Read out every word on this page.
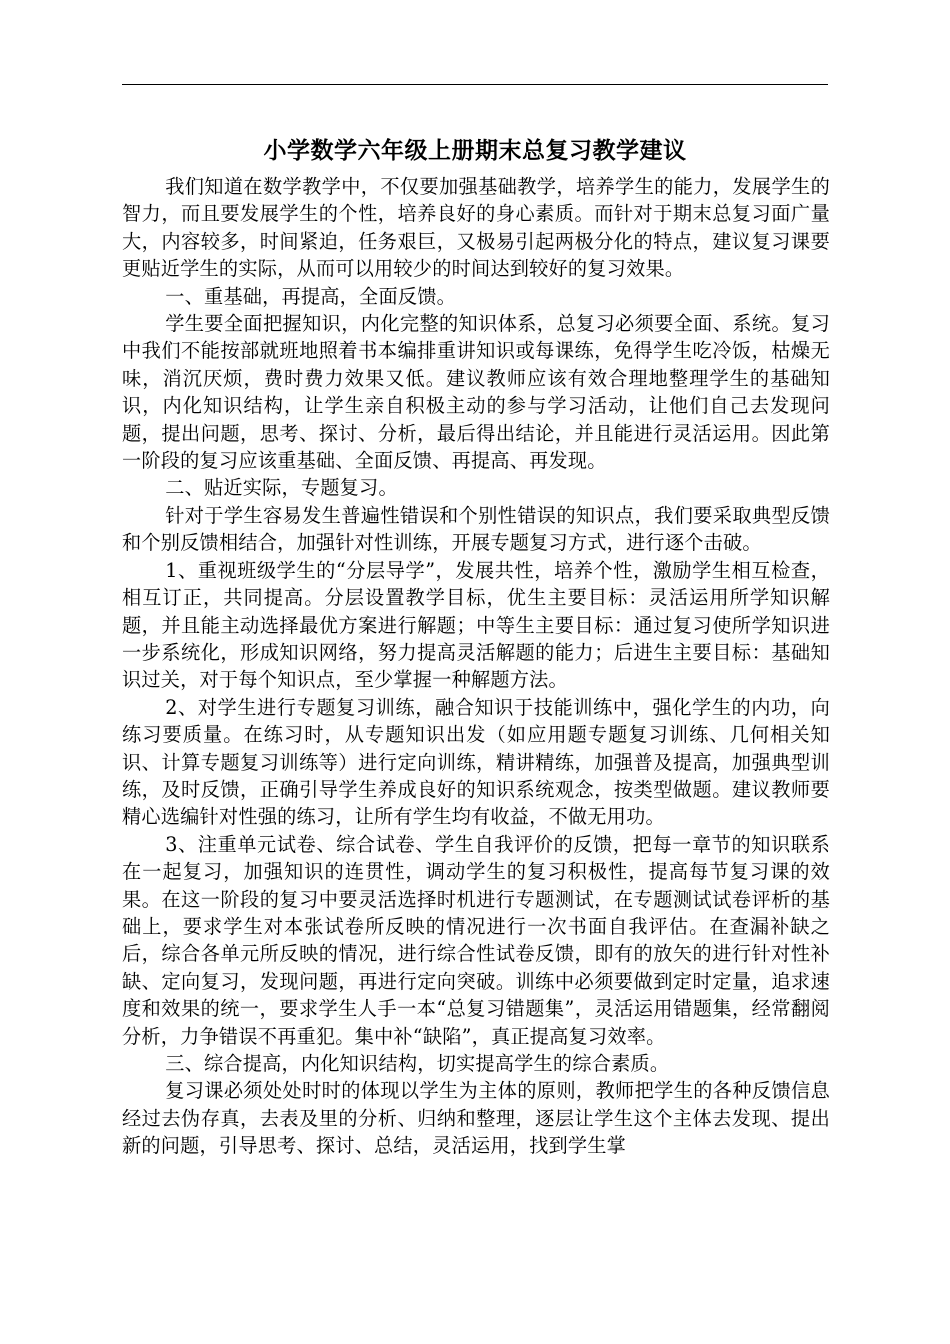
小学数学六年级上册期末总复习教学建议

我们知道在数学教学中，不仅要加强基础教学，培养学生的能力，发展学生的智力，而且要发展学生的个性，培养良好的身心素质。而针对于期末总复习面广量大，内容较多，时间紧迫，任务艰巨，又极易引起两极分化的特点，建议复习课要更贴近学生的实际，从而可以用较少的时间达到较好的复习效果。

一、重基础，再提高，全面反馈。

学生要全面把握知识，内化完整的知识体系，总复习必须要全面、系统。复习中我们不能按部就班地照着书本编排重讲知识或每课练，免得学生吃冷饭，枯燥无味，消沉厌烦，费时费力效果又低。建议教师应该有效合理地整理学生的基础知识，内化知识结构，让学生亲自积极主动的参与学习活动，让他们自己去发现问题，提出问题，思考、探讨、分析，最后得出结论，并且能进行灵活运用。因此第一阶段的复习应该重基础、全面反馈、再提高、再发现。

二、贴近实际，专题复习。

针对于学生容易发生普遍性错误和个别性错误的知识点，我们要采取典型反馈和个别反馈相结合，加强针对性训练，开展专题复习方式，进行逐个击破。

1、重视班级学生的“分层导学”，发展共性，培养个性，激励学生相互检查，相互订正，共同提高。分层设置教学目标，优生主要目标：灵活运用所学知识解题，并且能主动选择最优方案进行解题；中等生主要目标：通过复习使所学知识进一步系统化，形成知识网络，努力提高灵活解题的能力；后进生主要目标：基础知识过关，对于每个知识点，至少掌握一种解题方法。

2、对学生进行专题复习训练，融合知识于技能训练中，强化学生的内功，向练习要质量。在练习时，从专题知识出发（如应用题专题复习训练、几何相关知识、计算专题复习训练等）进行定向训练，精讲精练，加强普及提高，加强典型训练，及时反馈，正确引导学生养成良好的知识系统观念，按类型做题。建议教师要精心选编针对性强的练习，让所有学生均有收益，不做无用功。

3、注重单元试卷、综合试卷、学生自我评价的反馈，把每一章节的知识联系在一起复习，加强知识的连贯性，调动学生的复习积极性，提高每节复习课的效果。在这一阶段的复习中要灵活选择时机进行专题测试，在专题测试试卷评析的基础上，要求学生对本张试卷所反映的情况进行一次书面自我评估。在查漏补缺之后，综合各单元所反映的情况，进行综合性试卷反馈，即有的放矢的进行针对性补缺、定向复习，发现问题，再进行定向突破。训练中必须要做到定时定量，追求速度和效果的统一，要求学生人手一本“总复习错题集”，灵活运用错题集，经常翻阅分析，力争错误不再重犯。集中补“缺陷”，真正提高复习效率。

三、综合提高，内化知识结构，切实提高学生的综合素质。

复习课必须处处时时的体现以学生为主体的原则，教师把学生的各种反馈信息经过去伪存真，去表及里的分析、归纳和整理，逐层让学生这个主体去发现、提出新的问题，引导思考、探讨、总结，灵活运用，找到学生掌
